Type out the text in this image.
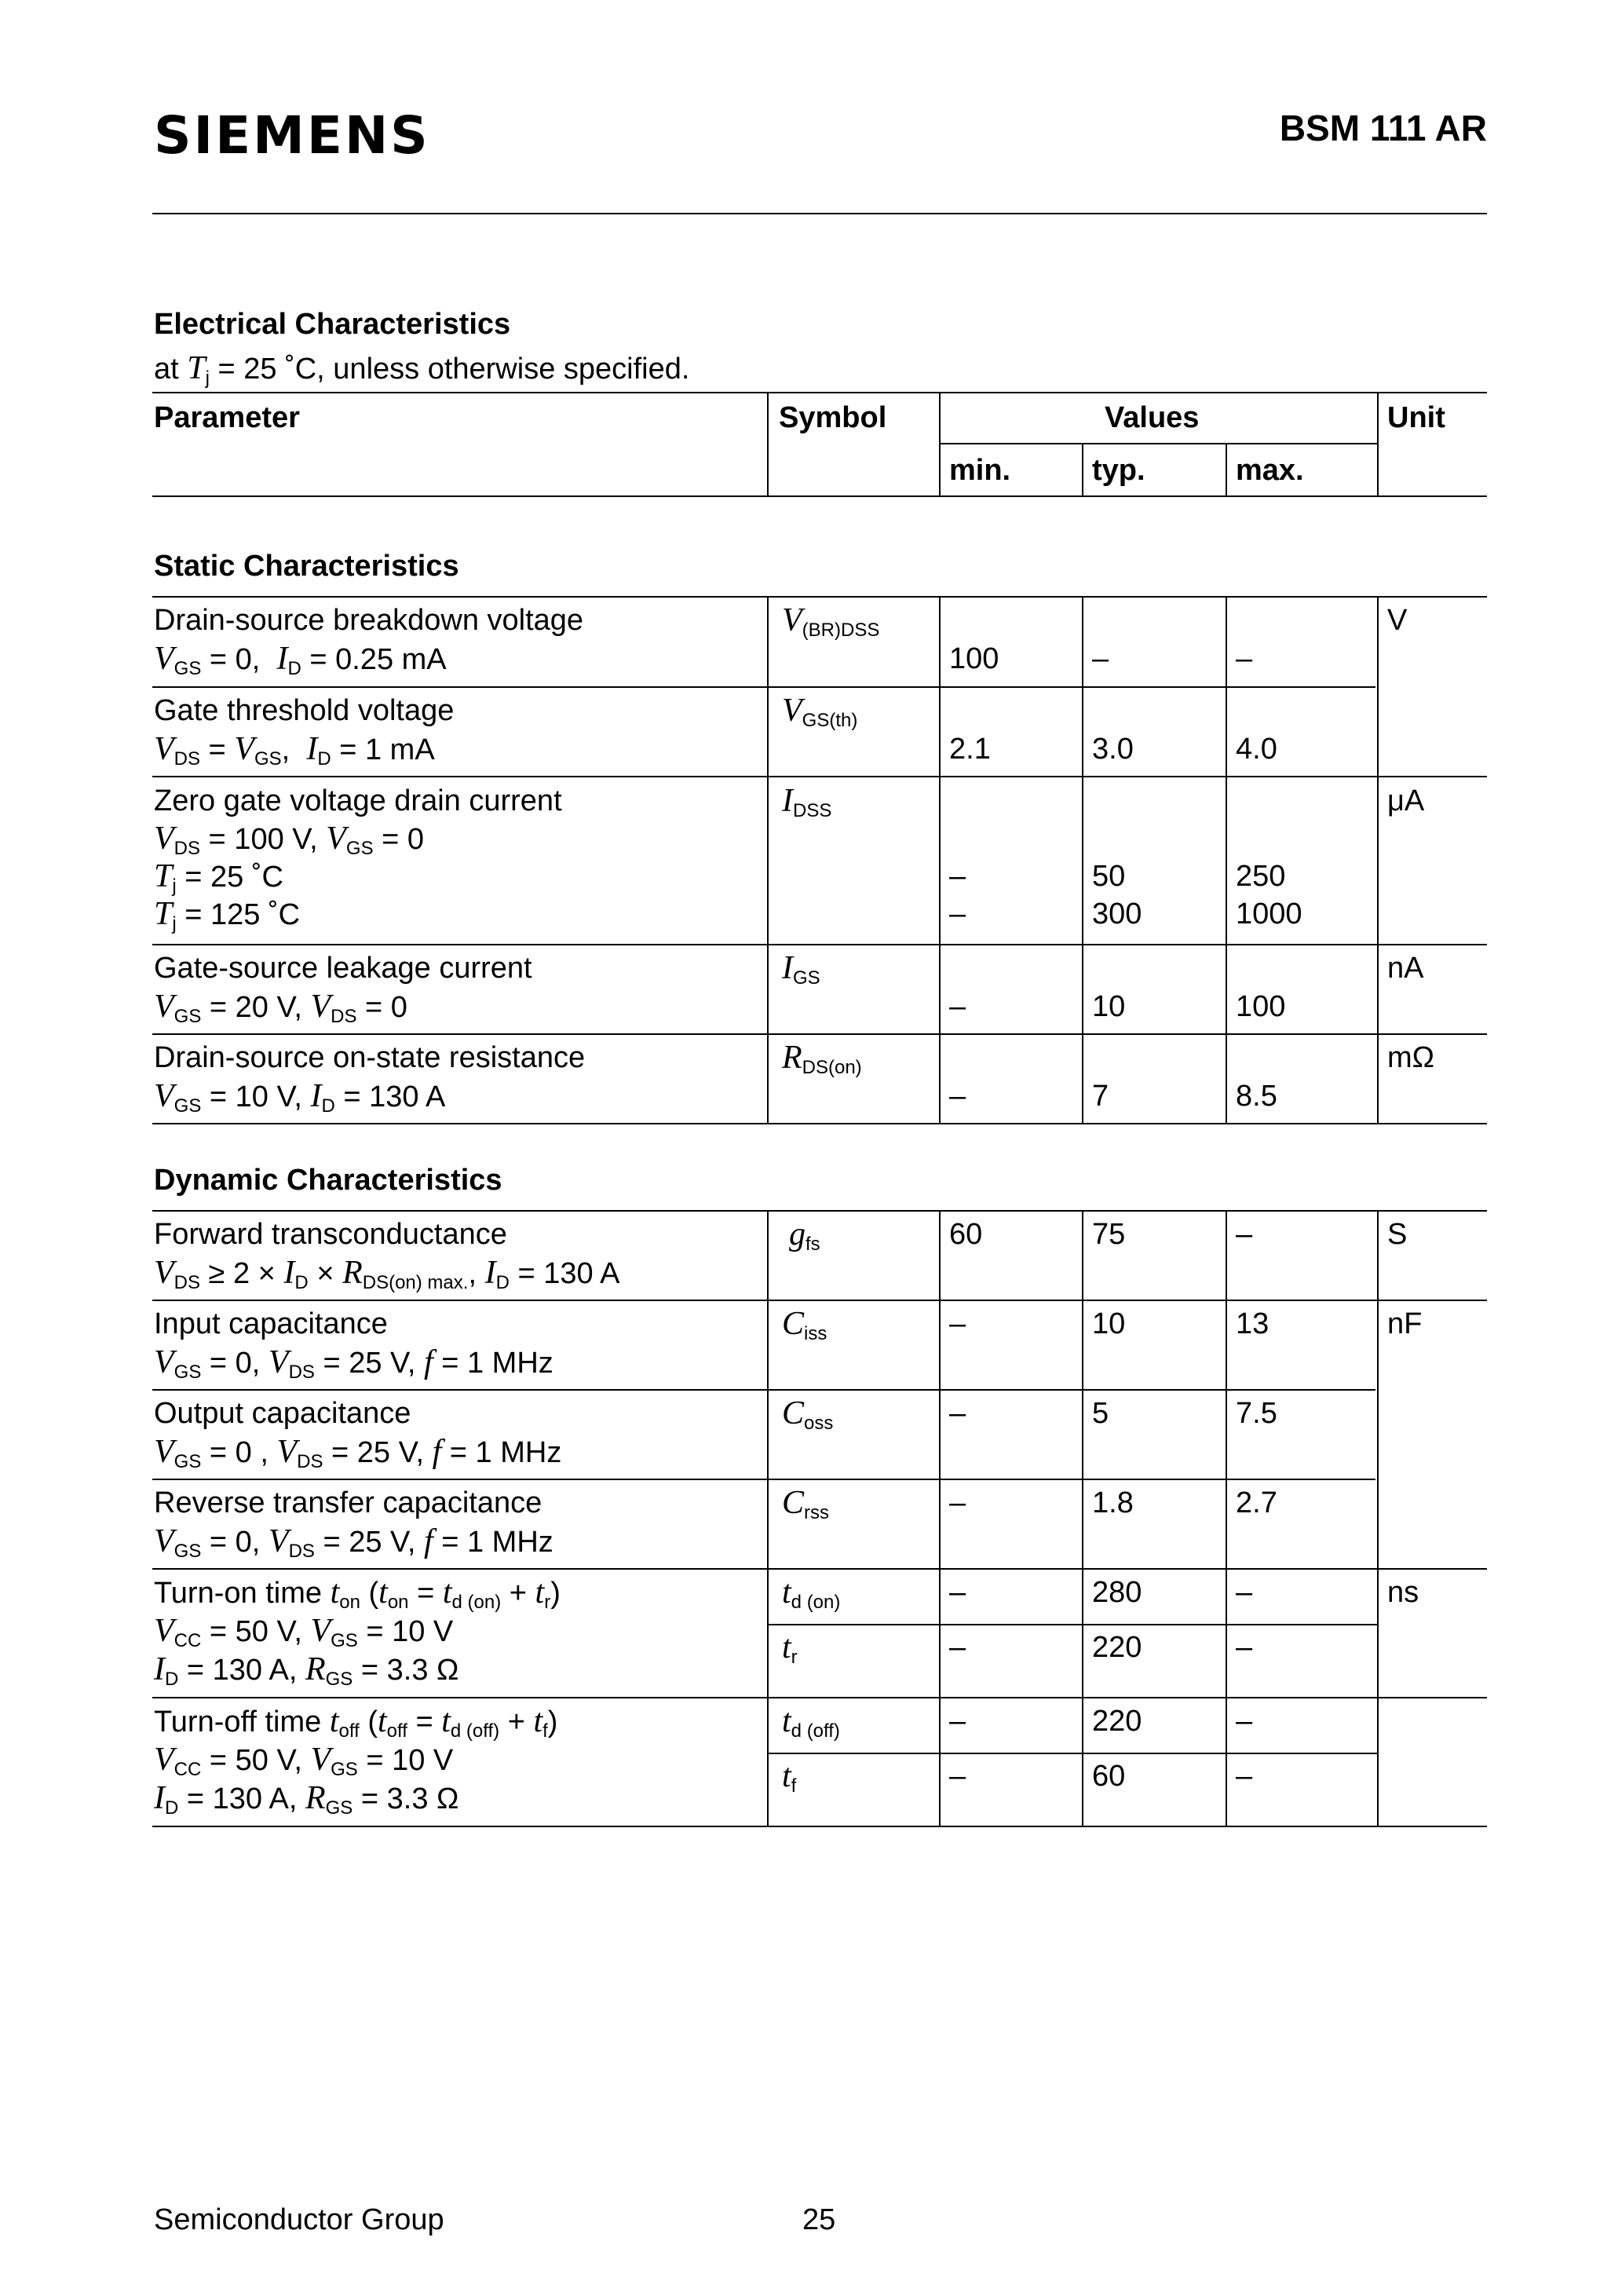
SIEMENS	BSM 111 AR
Electrical Characteristics
at $T_j = 25$ ˚C, unless otherwise specified.
Parameter	Symbol	Values	Unit
min.	typ.	max.
Static Characteristics
Drain-source breakdown voltage
$V_{GS} = 0$,  $I_D = 0.25$ mA
$V_{(BR)DSS}$
100	–	–
V
Gate threshold voltage
$V_{DS} = V_{GS}$,  $I_D = 1$ mA
$V_{GS(th)}$
2.1	3.0	4.0
Zero gate voltage drain current
$V_{DS} = 100$ V, $V_{GS} = 0$
$T_j = 25$ ˚C
$T_j = 125$ ˚C
$I_{DSS}$
–	50	250
–	300	1000
μA
Gate-source leakage current
$V_{GS} = 20$ V, $V_{DS} = 0$
$I_{GS}$
–	10	100
nA
Drain-source on-state resistance
$V_{GS} = 10$ V, $I_D = 130$ A
$R_{DS(on)}$
–	7	8.5
mΩ
Dynamic Characteristics
Forward transconductance
$V_{DS} \ge 2 \times I_D \times R_{DS(on) max.}$, $I_D = 130$ A
$g_{fs}$	60	75	–	S
Input capacitance
$V_{GS} = 0$, $V_{DS} = 25$ V, f = 1 MHz
$C_{iss}$	–	10	13	nF
Output capacitance
$V_{GS} = 0$ , $V_{DS} = 25$ V, f = 1 MHz
$C_{oss}$	–	5	7.5
Reverse transfer capacitance
$V_{GS} = 0$, $V_{DS} = 25$ V, f = 1 MHz
$C_{rss}$	–	1.8	2.7
Turn-on time $t_{on}$ $(t_{on} = t_{d (on)} + t_r)$
$V_{CC} = 50$ V, $V_{GS} = 10$ V
$I_D = 130$ A, $R_{GS} = 3.3$ Ω
$t_{d (on)}$
$t_r$
–	280	–
–	220	–
ns
Turn-off time $t_{off}$ $(t_{off} = t_{d (off)} + t_f)$
$V_{CC} = 50$ V, $V_{GS} = 10$ V
$I_D = 130$ A, $R_{GS} = 3.3$ Ω
$t_{d (off)}$
$t_f$
–	220	–
–	60	–
Semiconductor Group	25
